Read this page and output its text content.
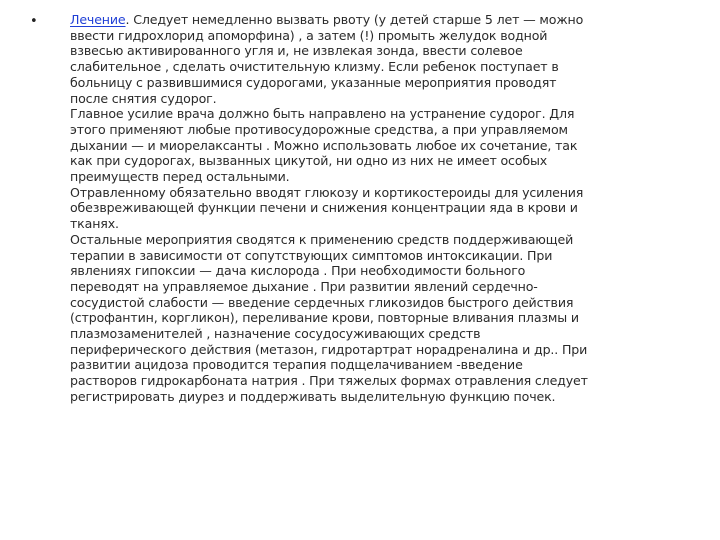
•	Лечение. Следует немедленно вызвать рвоту (у детей старше 5 лет — можно
ввести гидрохлорид апоморфина) , а затем (!) промыть желудок водной
взвесью активированного угля и, не извлекая зонда, ввести солевое
слабительное , сделать очистительную клизму. Если ребенок поступает в
больницу с развившимися судорогами, указанные мероприятия проводят
после снятия судорог.
Главное усилие врача должно быть направлено на устранение судорог. Для
этого применяют любые противосудорожные средства, а при управляемом
дыхании — и миорелаксанты . Можно использовать любое их сочетание, так
как при судорогах, вызванных цикутой, ни одно из них не имеет особых
преимуществ перед остальными.
Отравленному обязательно вводят глюкозу и кортикостероиды для усиления
обезвреживающей функции печени и снижения концентрации яда в крови и
тканях.
Остальные мероприятия сводятся к применению средств поддерживающей
терапии в зависимости от сопутствующих симптомов интоксикации. При
явлениях гипоксии — дача кислорода . При необходимости больного
переводят на управляемое дыхание . При развитии явлений сердечно-
сосудистой слабости — введение сердечных гликозидов быстрого действия
(строфантин, коргликон), переливание крови, повторные вливания плазмы и
плазмозаменителей , назначение сосудосуживающих средств
периферического действия (метазон, гидротартрат норадреналина и др.. При
развитии ацидоза проводится терапия подщелачиванием -введение
растворов гидрокарбоната натрия . При тяжелых формах отравления следует
регистрировать диурез и поддерживать выделительную функцию почек.
